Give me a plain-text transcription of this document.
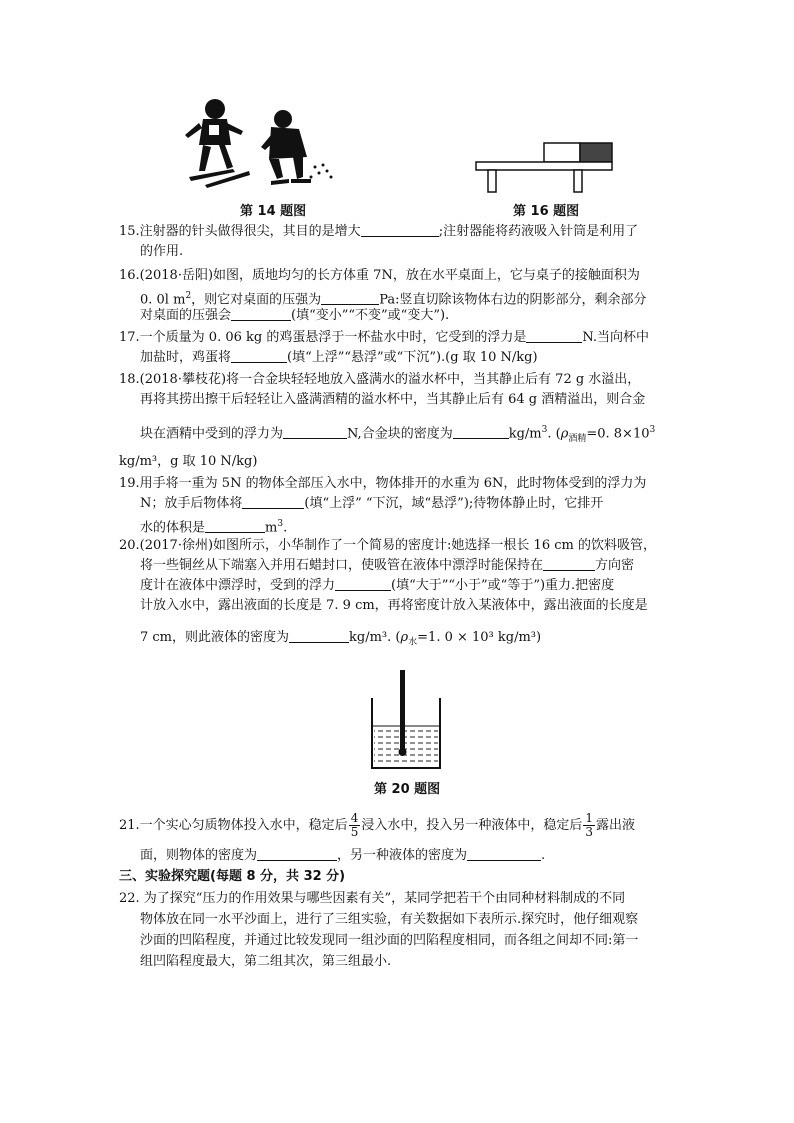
第 14 题图	第 16 题图
15.注射器的针头做得很尖，其目的是增大	;注射器能将药液吸入针筒是利用了
的作用.
16.(2018·岳阳)如图，质地均匀的长方体重 7N，放在水平桌面上，它与桌子的接触面积为
0. 0l $m^2$，则它对桌面的压强为	Pa:竖直切除该物体右边的阴影部分，剩余部分
对桌面的压强会	(填“变小”“不变”或“变大”).
17.一个质量为 0. 06 kg 的鸡蛋悬浮于一杯盐水中时，它受到的浮力是	N.当向杯中
加盐时，鸡蛋将	(填“上浮”“悬浮”或“下沉”).(g 取 10 N/kg)
18.(2018·攀枝花)将一合金块轻轻地放入盛满水的溢水杯中，当其静止后有 72 g 水溢出，
再将其捞出擦干后轻轻让入盛满酒精的溢水杯中，当其静止后有 64 g 酒精溢出，则合金
块在酒精中受到的浮力为	N,合金块的密度为	$kg/m^3$. ($\rho_{酒精}=0$. $8\times 10^3$
kg/m³，g 取 10 N/kg)
19.用手将一重为 5N 的物体全部压入水中，物体排开的水重为 6N，此时物体受到的浮力为
N；放手后物体将	(填“上浮” “下沉，域“悬浮”);待物体静止时，它排开
水的体积是	$m^3$.
20.(2017·徐州)如图所示，小华制作了一个简易的密度计:她选择一根长 16 cm 的饮料吸管，
将一些铜丝从下端塞入并用石蜡封口，使吸管在液体中漂浮时能保持在	方向密
度计在液体中漂浮时，受到的浮力	(填“大于”“小于”或“等于”)重力.把密度
计放入水中，露出液面的长度是 7. 9 cm，再将密度计放入某液体中，露出液面的长度是
7 cm，则此液体的密度为	kg/m³. ($\rho_水=1$. 0 × 10³ kg/m³)
第 20 题图
21.一个实心匀质物体投入水中，稳定后 $\frac{4}{5}$ 浸入水中，投入另一种液体中，稳定后 $\frac{1}{3}$ 露出液
面，则物体的密度为	，另一种液体的密度为	.
三、实验探究题(每题 8 分，共 32 分)
22. 为了探究“压力的作用效果与哪些因素有关”，某同学把若干个由同种材料制成的不同
物体放在同一水平沙面上，进行了三组实验，有关数据如下表所示.探究时，他仔细观察
沙面的凹陷程度，并通过比较发现同一组沙面的凹陷程度相同，而各组之间却不同:第一
组凹陷程度最大，第二组其次，第三组最小.
